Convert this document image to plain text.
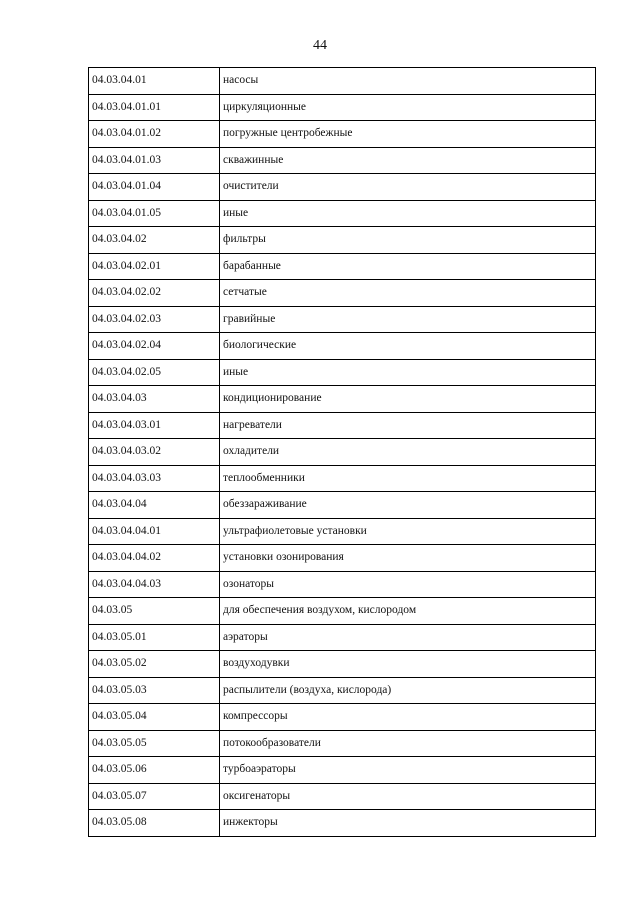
44
04.03.04.01	насосы
04.03.04.01.01	циркуляционные
04.03.04.01.02	погружные центробежные
04.03.04.01.03	скважинные
04.03.04.01.04	очистители
04.03.04.01.05	иные
04.03.04.02	фильтры
04.03.04.02.01	барабанные
04.03.04.02.02	сетчатые
04.03.04.02.03	гравийные
04.03.04.02.04	биологические
04.03.04.02.05	иные
04.03.04.03	кондиционирование
04.03.04.03.01	нагреватели
04.03.04.03.02	охладители
04.03.04.03.03	теплообменники
04.03.04.04	обеззараживание
04.03.04.04.01	ультрафиолетовые установки
04.03.04.04.02	установки озонирования
04.03.04.04.03	озонаторы
04.03.05	для обеспечения воздухом, кислородом
04.03.05.01	аэраторы
04.03.05.02	воздуходувки
04.03.05.03	распылители (воздуха, кислорода)
04.03.05.04	компрессоры
04.03.05.05	потокообразователи
04.03.05.06	турбоаэраторы
04.03.05.07	оксигенаторы
04.03.05.08	инжекторы
